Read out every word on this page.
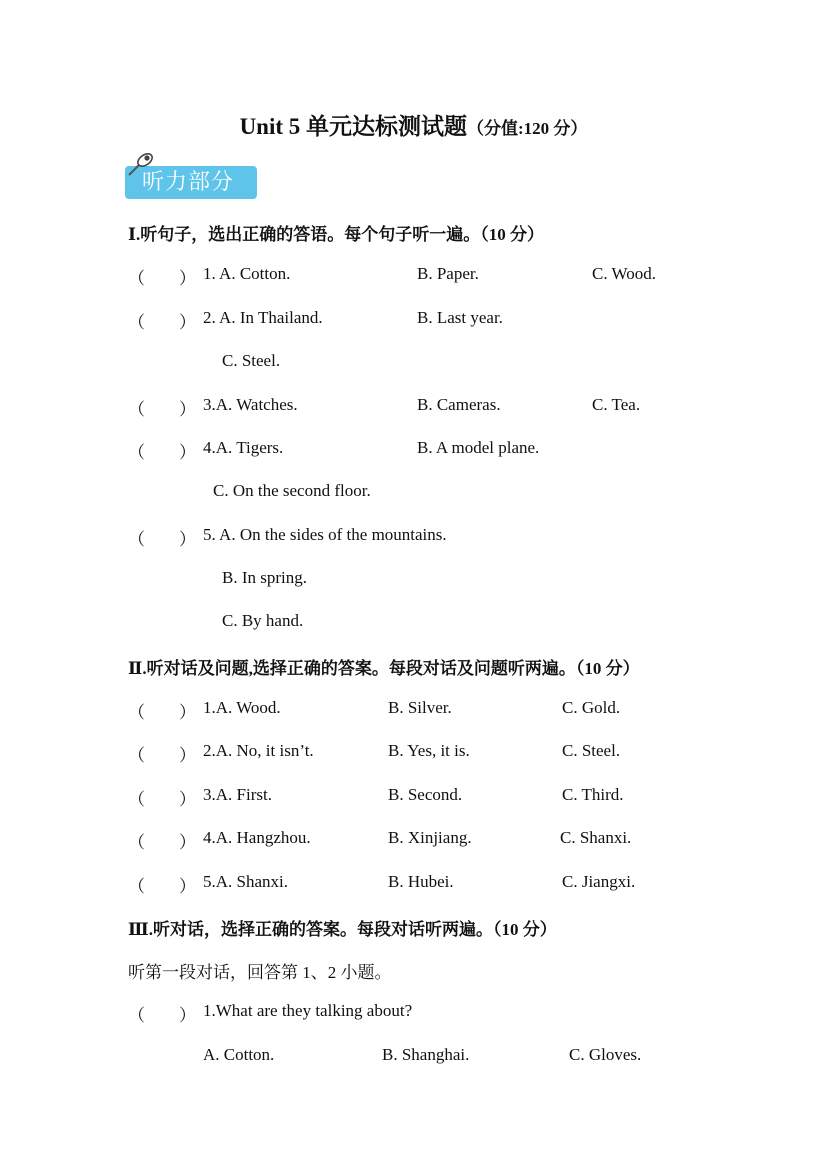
Unit 5 单元达标测试题（分值:120 分）
听力部分
Ⅰ.听句子，选出正确的答语。每个句子听一遍。（10 分）
（　　） 1. A. Cotton.	B. Paper.	C. Wood.
（　　） 2. A. In Thailand.	B. Last year.
C. Steel.
（　　） 3.A. Watches.	B. Cameras.	C. Tea.
（　　） 4.A. Tigers.	B. A model plane.
C. On the second floor.
（　　） 5. A. On the sides of the mountains.
B. In spring.
C. By hand.
Ⅱ.听对话及问题,选择正确的答案。每段对话及问题听两遍。（10 分）
（　　） 1.A. Wood.	B. Silver.	C. Gold.
（　　） 2.A. No, it isn’t.	B. Yes, it is.	C. Steel.
（　　） 3.A. First.	B. Second.	C. Third.
（　　） 4.A. Hangzhou.	B. Xinjiang.	C. Shanxi.
（　　） 5.A. Shanxi.	B. Hubei.	C. Jiangxi.
Ⅲ.听对话，选择正确的答案。每段对话听两遍。（10 分）
听第一段对话，回答第 1、2 小题。
（　　） 1.What are they talking about?
A. Cotton.	B. Shanghai.	C. Gloves.
